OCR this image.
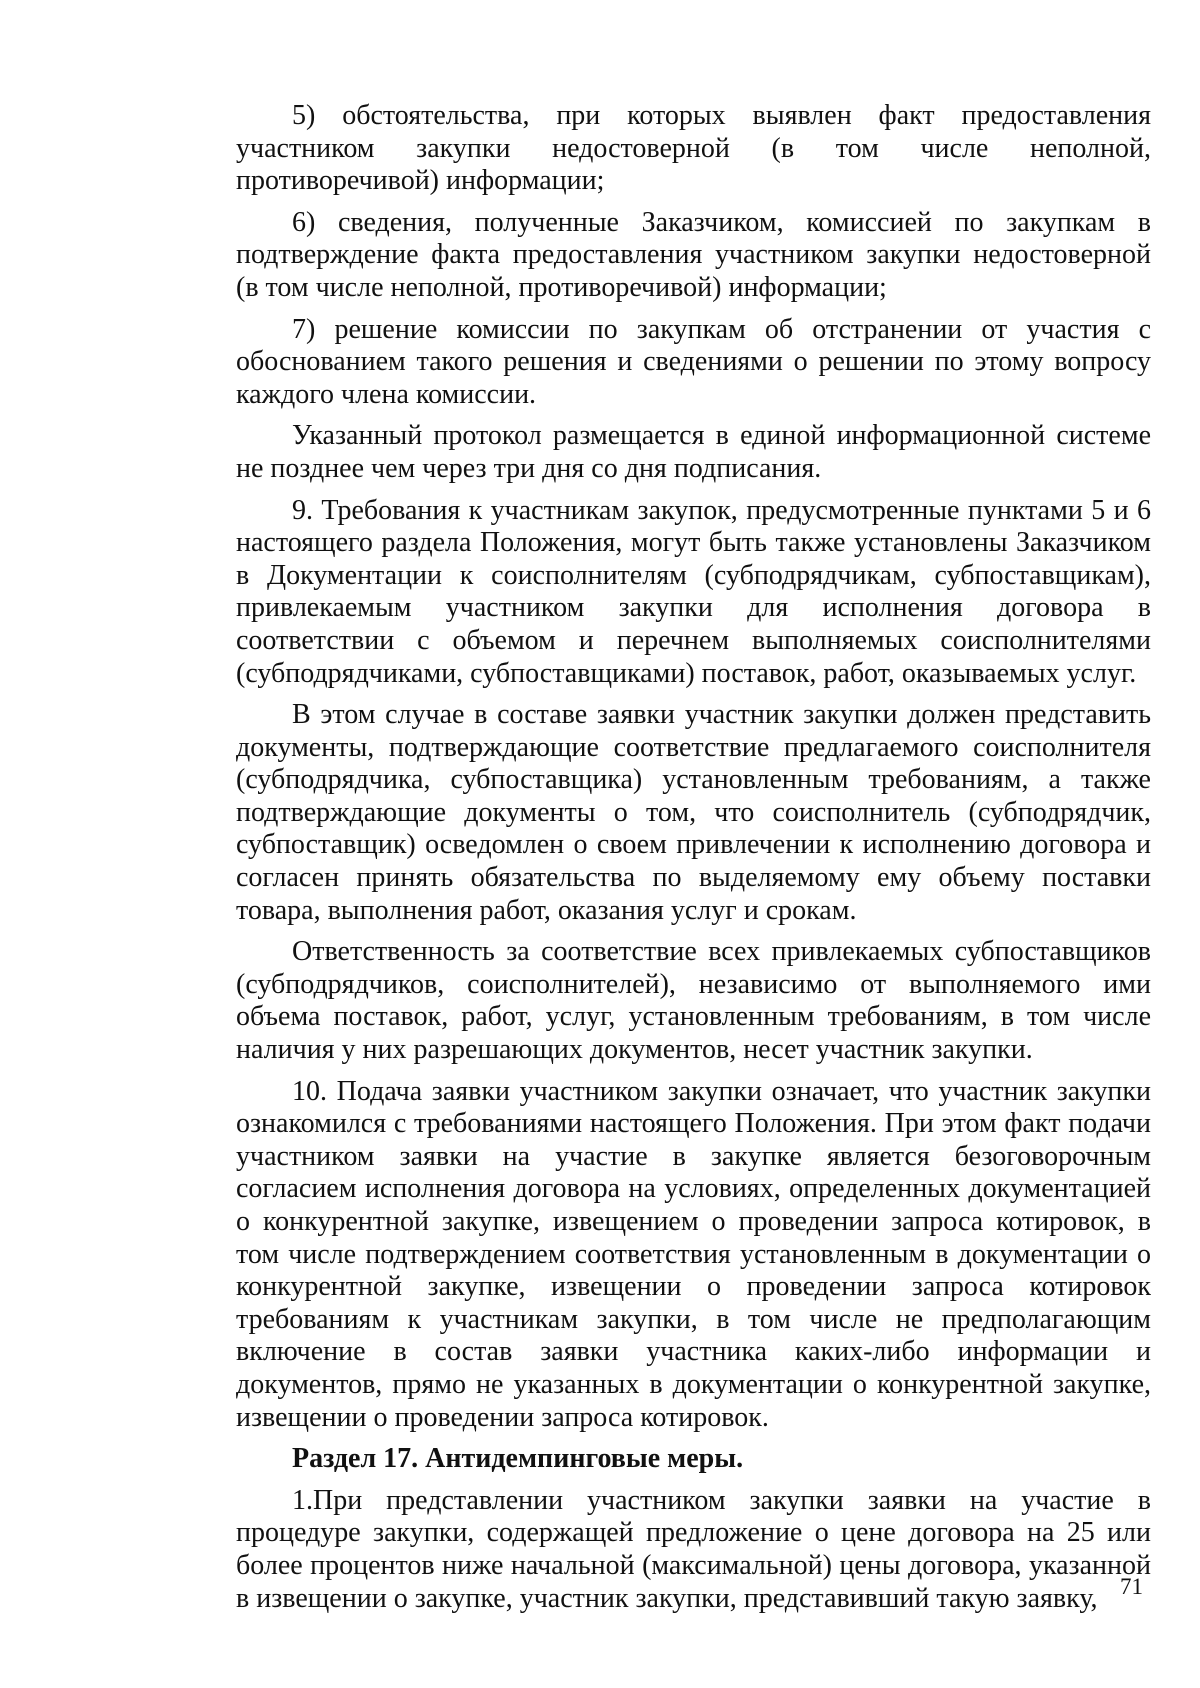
5) обстоятельства, при которых выявлен факт предоставления участником закупки недостоверной (в том числе неполной, противоречивой) информации;

6) сведения, полученные Заказчиком, комиссией по закупкам в подтверждение факта предоставления участником закупки недостоверной (в том числе неполной, противоречивой) информации;

7) решение комиссии по закупкам об отстранении от участия с обоснованием такого решения и сведениями о решении по этому вопросу каждого члена комиссии.

Указанный протокол размещается в единой информационной системе не позднее чем через три дня со дня подписания.

9. Требования к участникам закупок, предусмотренные пунктами 5 и 6 настоящего раздела Положения, могут быть также установлены Заказчиком в Документации к соисполнителям (субподрядчикам, субпоставщикам), привлекаемым участником закупки для исполнения договора в соответствии с объемом и перечнем выполняемых соисполнителями (субподрядчиками, субпоставщиками) поставок, работ, оказываемых услуг.

В этом случае в составе заявки участник закупки должен представить документы, подтверждающие соответствие предлагаемого соисполнителя (субподрядчика, субпоставщика) установленным требованиям, а также подтверждающие документы о том, что соисполнитель (субподрядчик, субпоставщик) осведомлен о своем привлечении к исполнению договора и согласен принять обязательства по выделяемому ему объему поставки товара, выполнения работ, оказания услуг и срокам.

Ответственность за соответствие всех привлекаемых субпоставщиков (субподрядчиков, соисполнителей), независимо от выполняемого ими объема поставок, работ, услуг, установленным требованиям, в том числе наличия у них разрешающих документов, несет участник закупки.

10. Подача заявки участником закупки означает, что участник закупки ознакомился с требованиями настоящего Положения. При этом факт подачи участником заявки на участие в закупке является безоговорочным согласием исполнения договора на условиях, определенных документацией о конкурентной закупке, извещением о проведении запроса котировок, в том числе подтверждением соответствия установленным в документации о конкурентной закупке, извещении о проведении запроса котировок требованиям к участникам закупки, в том числе не предполагающим включение в состав заявки участника каких-либо информации и документов, прямо не указанных в документации о конкурентной закупке, извещении о проведении запроса котировок.

Раздел 17. Антидемпинговые меры.

1.При представлении участником закупки заявки на участие в процедуре закупки, содержащей предложение о цене договора на 25 или более процентов ниже начальной (максимальной) цены договора, указанной в извещении о закупке, участник закупки, представивший такую заявку, 71
